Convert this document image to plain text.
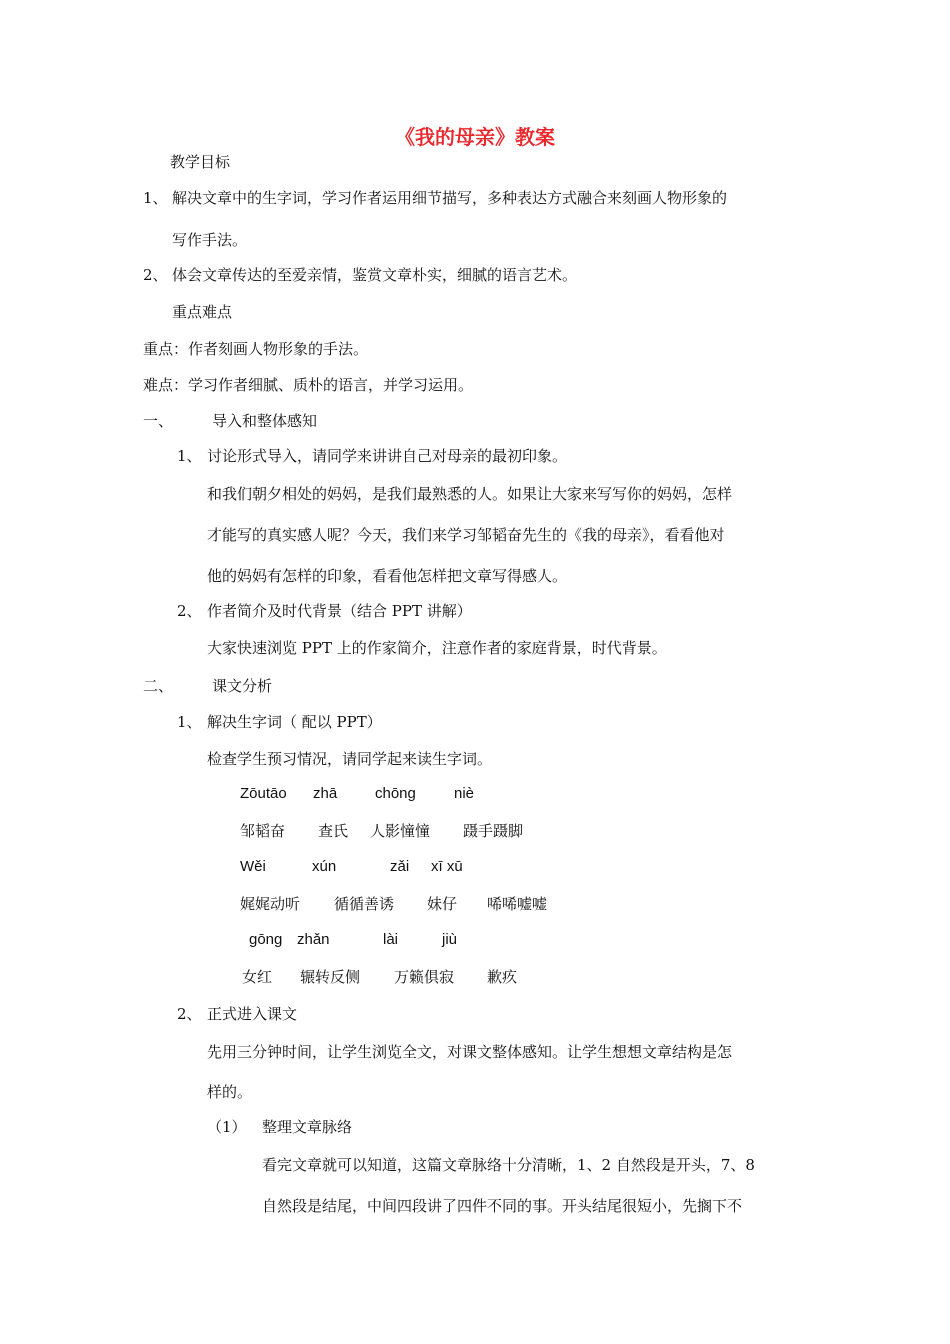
《我的母亲》教案
教学目标
1、 解决文章中的生字词，学习作者运用细节描写，多种表达方式融合来刻画人物形象的
写作手法。
2、 体会文章传达的至爱亲情，鉴赏文章朴实，细腻的语言艺术。
重点难点
重点：作者刻画人物形象的手法。
难点：学习作者细腻、质朴的语言，并学习运用。
一、	导入和整体感知
1、 讨论形式导入，请同学来讲讲自己对母亲的最初印象。
和我们朝夕相处的妈妈，是我们最熟悉的人。如果让大家来写写你的妈妈，怎样
才能写的真实感人呢？今天，我们来学习邹韬奋先生的《我的母亲》，看看他对
他的妈妈有怎样的印象，看看他怎样把文章写得感人。
2、 作者简介及时代背景（结合 PPT 讲解）
大家快速浏览 PPT 上的作家简介，注意作者的家庭背景，时代背景。
二、	课文分析
1、 解决生字词（ 配以 PPT）
检查学生预习情况，请同学起来读生字词。
Zōutāo zhā	chōng	niè
邹韬奋 查氏 人影憧憧 蹑手蹑脚
Wěi	xún	zǎi xī xū
娓娓动听 循循善诱 妹仔 唏唏嘘嘘
gōng zhǎn	lài	jiù
女红 辗转反侧 万籁俱寂 歉疚
2、 正式进入课文
先用三分钟时间，让学生浏览全文，对课文整体感知。让学生想想文章结构是怎
样的。
（1） 整理文章脉络
看完文章就可以知道，这篇文章脉络十分清晰，1、2 自然段是开头，7、8
自然段是结尾，中间四段讲了四件不同的事。开头结尾很短小，先搁下不
